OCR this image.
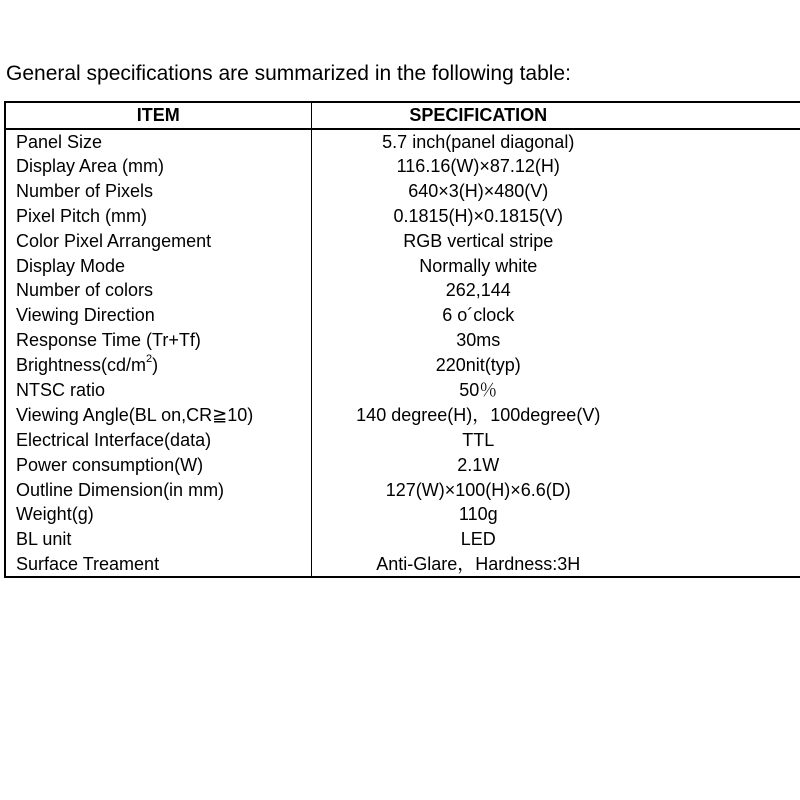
General specifications are summarized in the following table:
ITEM	SPECIFICATION
Panel Size	5.7 inch(panel diagonal)
Display Area (mm)	116.16(W)×87.12(H)
Number of Pixels	640×3(H)×480(V)
Pixel Pitch (mm)	0.1815(H)×0.1815(V)
Color Pixel Arrangement	RGB vertical stripe
Display Mode	Normally white
Number of colors	262,144
Viewing Direction	6 o´clock
Response Time (Tr+Tf)	30ms
$Brightness(cd/m^2)$	220nit(typ)
NTSC ratio	50％
Viewing Angle(BL on,CR≧10)	140 degree(H)，100degree(V)
Electrical Interface(data)	TTL
Power consumption(W)	2.1W
Outline Dimension(in mm)	127(W)×100(H)×6.6(D)
Weight(g)	110g
BL unit	LED
Surface Treament	Anti-Glare，Hardness:3H
